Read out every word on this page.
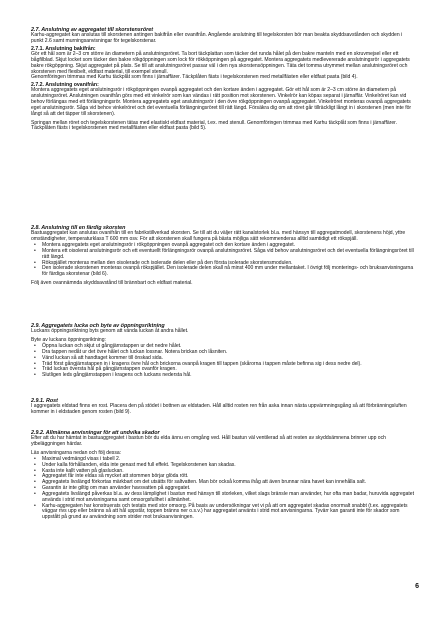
2.7. Anslutning av aggregatet till skorstensröret

Karhu-aggregatet kan anslutas till skorstenen antingen bakifrån eller ovanifrån. Angående anslutning till tegelskorsten bör man beakta skyddsavstånden och skydden i punkt 2.6 samt murningsanvisningar för tegelskorstenar.

2.7.1. Anslutning bakifrån:

Gör ett hål som är 2–3 cm större än diametern på anslutningsröret. Ta bort täckplattan som täcker det runda hålet på den bakre manteln med en skruvmejsel eller ett bågfilblad. Skjut locket som täcker den bakre rökgöppningen som lock för rökköppningen på aggregatet. Montera aggregatets medlevererade anslutningsrör i aggregatets bakre rökgöppning. Skjut aggregatet på plats. Se till att anslutningsröret passar väl i den nya skorstensöppningen. Täta det tomma utrymmet mellan anslutningsröret och skorstenen med flexibelt, eldfast material, till exempel stenull.

Genomföringen trimmas med Karhu täckplåt som finns i järnaffärer. Täckplåten fästs i tegelskorstenen med metallfästen eller eldfast pasta (bild 4).

2.7.2. Anslutning ovanifrån:

Montera aggregatets eget anslutningsrör i rökgöppningen ovanpå aggregatet och den kortare änden i aggregatet. Gör ett hål som är 2–3 cm större än diametern på anslutningsröret. Anslutningen ovanifrån görs med ett vinkelrör som kan vändas i rätt position mot skorstenen. Vinkelrör kan köpas separat i järnaffär. Vinkelröret kan vid behov förlängas med ett förlängningsrör. Montera aggregatets eget anslutningsrör i den övre rökgöppningen ovanpå aggregatet. Vinkelröret monteras ovanpå aggregatets eget anslutningsrör. Såga vid behov vinkelröret och det eventuella förlängningsröret till rätt längd. Försäkra dig om att röret går tillräckligt långt in i skorstenen (men inte för långt så att det täpper till skorstenen).

Springan mellan röret och tegelskorstenen tätas med elastiskt eldfast material, t.ex. med stenull. Genomföringen trimmas med Karhu täckplåt som finns i järnaffärer. Täckplåten fästs i tegelskorstenen med metallfästen eller eldfast pasta (bild 5).

2.8. Anslutning till en färdig skorsten

Bastuaggregatet kan anslutas ovanifrån till en fabrikstillverkad skorsten. Se till att du väljer rätt kanalstorlek bl.a. med hänsyn till aggregatmodell, skorstenens höjd, yttre omständigheter, temperaturklass T 600 mm osv. För att skorstenen skall fungera på bästa möjliga sätt rekommenderas alltid samtidigt ett rökspjäll.

• Montera aggregatets eget anslutningsrör i rökgöppningen ovanpå aggregatet och den kortare änden i aggregatet.
• Montera ett oisolerat anslutningsrör och ett eventuellt förlängningsrör ovanpå anslutningsröret. Såga vid behov anslutningsröret och det eventuella förlängningsröret till rätt längd.
• Rökspjället monteras mellan den oisolerade och isolerade delen eller på den första isolerade skorstensmodulen.
• Den isolerade skorstenen monteras ovanpå rökspjället. Den isolerade delen skall nå minst 400 mm under mellantaket. I övrigt följ monterings- och bruksanvisningarna för färdiga skorstenar (bild 6).

Följ även ovannämnda skyddsavstånd till brännbart och eldfast material.

2.9. Aggregatets lucka och byte av öppningsriktning

Luckans öppningsriktning byts genom att vända luckan åt andra hållet.

Byte av luckans öppningsriktning:

• Öppna luckan och skjut ut gångjärnstappen ur det nedre hålet.
• Dra tappen nedåt ur det övre hålet och luckan lossnar. Notera brickan och låsniten.
• Vänd luckan så att handtaget kommer till önskad sida.
• Träd först gångjärnstappen in i kragens övre hål och brickorna ovanpå kragen till tappen (skårorna i tappen måste befinna sig i dess nedre del).
• Träd luckan översta hål på gångjärnstappen ovanför kragen.
• Slutligen leds gångjärnstappen i kragens och luckans nedersta hål.

2.9.1. Rost

I aggregatets eldstad finns en rost. Placera den på stödet i bottnen av eldstaden. Håll alltid rosten ren från aska innan nästa uppvärmningsgång så att förbränningsluften kommer in i eldstaden genom rosten (bild 9).

2.9.2. Allmänna anvisningar för att undvika skador

Efter att du har hämtat in bastuaggregatet i bastun bör du elda ännu en omgång ved. Håll bastun väl ventilerad så att resten av skyddsämnena brinner upp och ytbeläggningen härdar.

Läs anvisningarna nedan och följ dessa:

• Maximal vedmängd visas i tabell 2.
• Under kalla förhållanden, elda inte genast med full effekt. Tegelskorstenen kan skadas.
• Kasta inte kallt vatten på glasluckan.
• Aggregatet får inte eldas så mycket att stommen börjar glöda rött.
• Aggregatets livslängd förkortas märkbart om det utsätts för saltvatten. Man bör också komma ihåg att även brunnar nära havet kan innehålla salt.
• Garantin är inte giltig om man använder havsvatten på aggregatet.
• Aggregatets livslängd påverkas bl.a. av dess lämplighet i bastun med hänsyn till storleken, vilket slags bränsle man använder, hur ofta man badar, huruvida aggregatet används i strid mot anvisningarna samt omsorgsfullhet i allmänhet.
• Karhu-aggregaten har konstruerats och testats med stor omsorg. På basis av undersökningar vet vi på att om aggregatet skadas onormalt snabbt (t.ex. aggregatets väggar rivs upp eller bränns så att hål uppstår, toppen bränns ner o.s.v.) har aggregatet använts i strid mot anvisningarna. Tyvärr kan garanti inte för skador som uppstått på grund av användning som strider mot bruksanvisningen.
6
